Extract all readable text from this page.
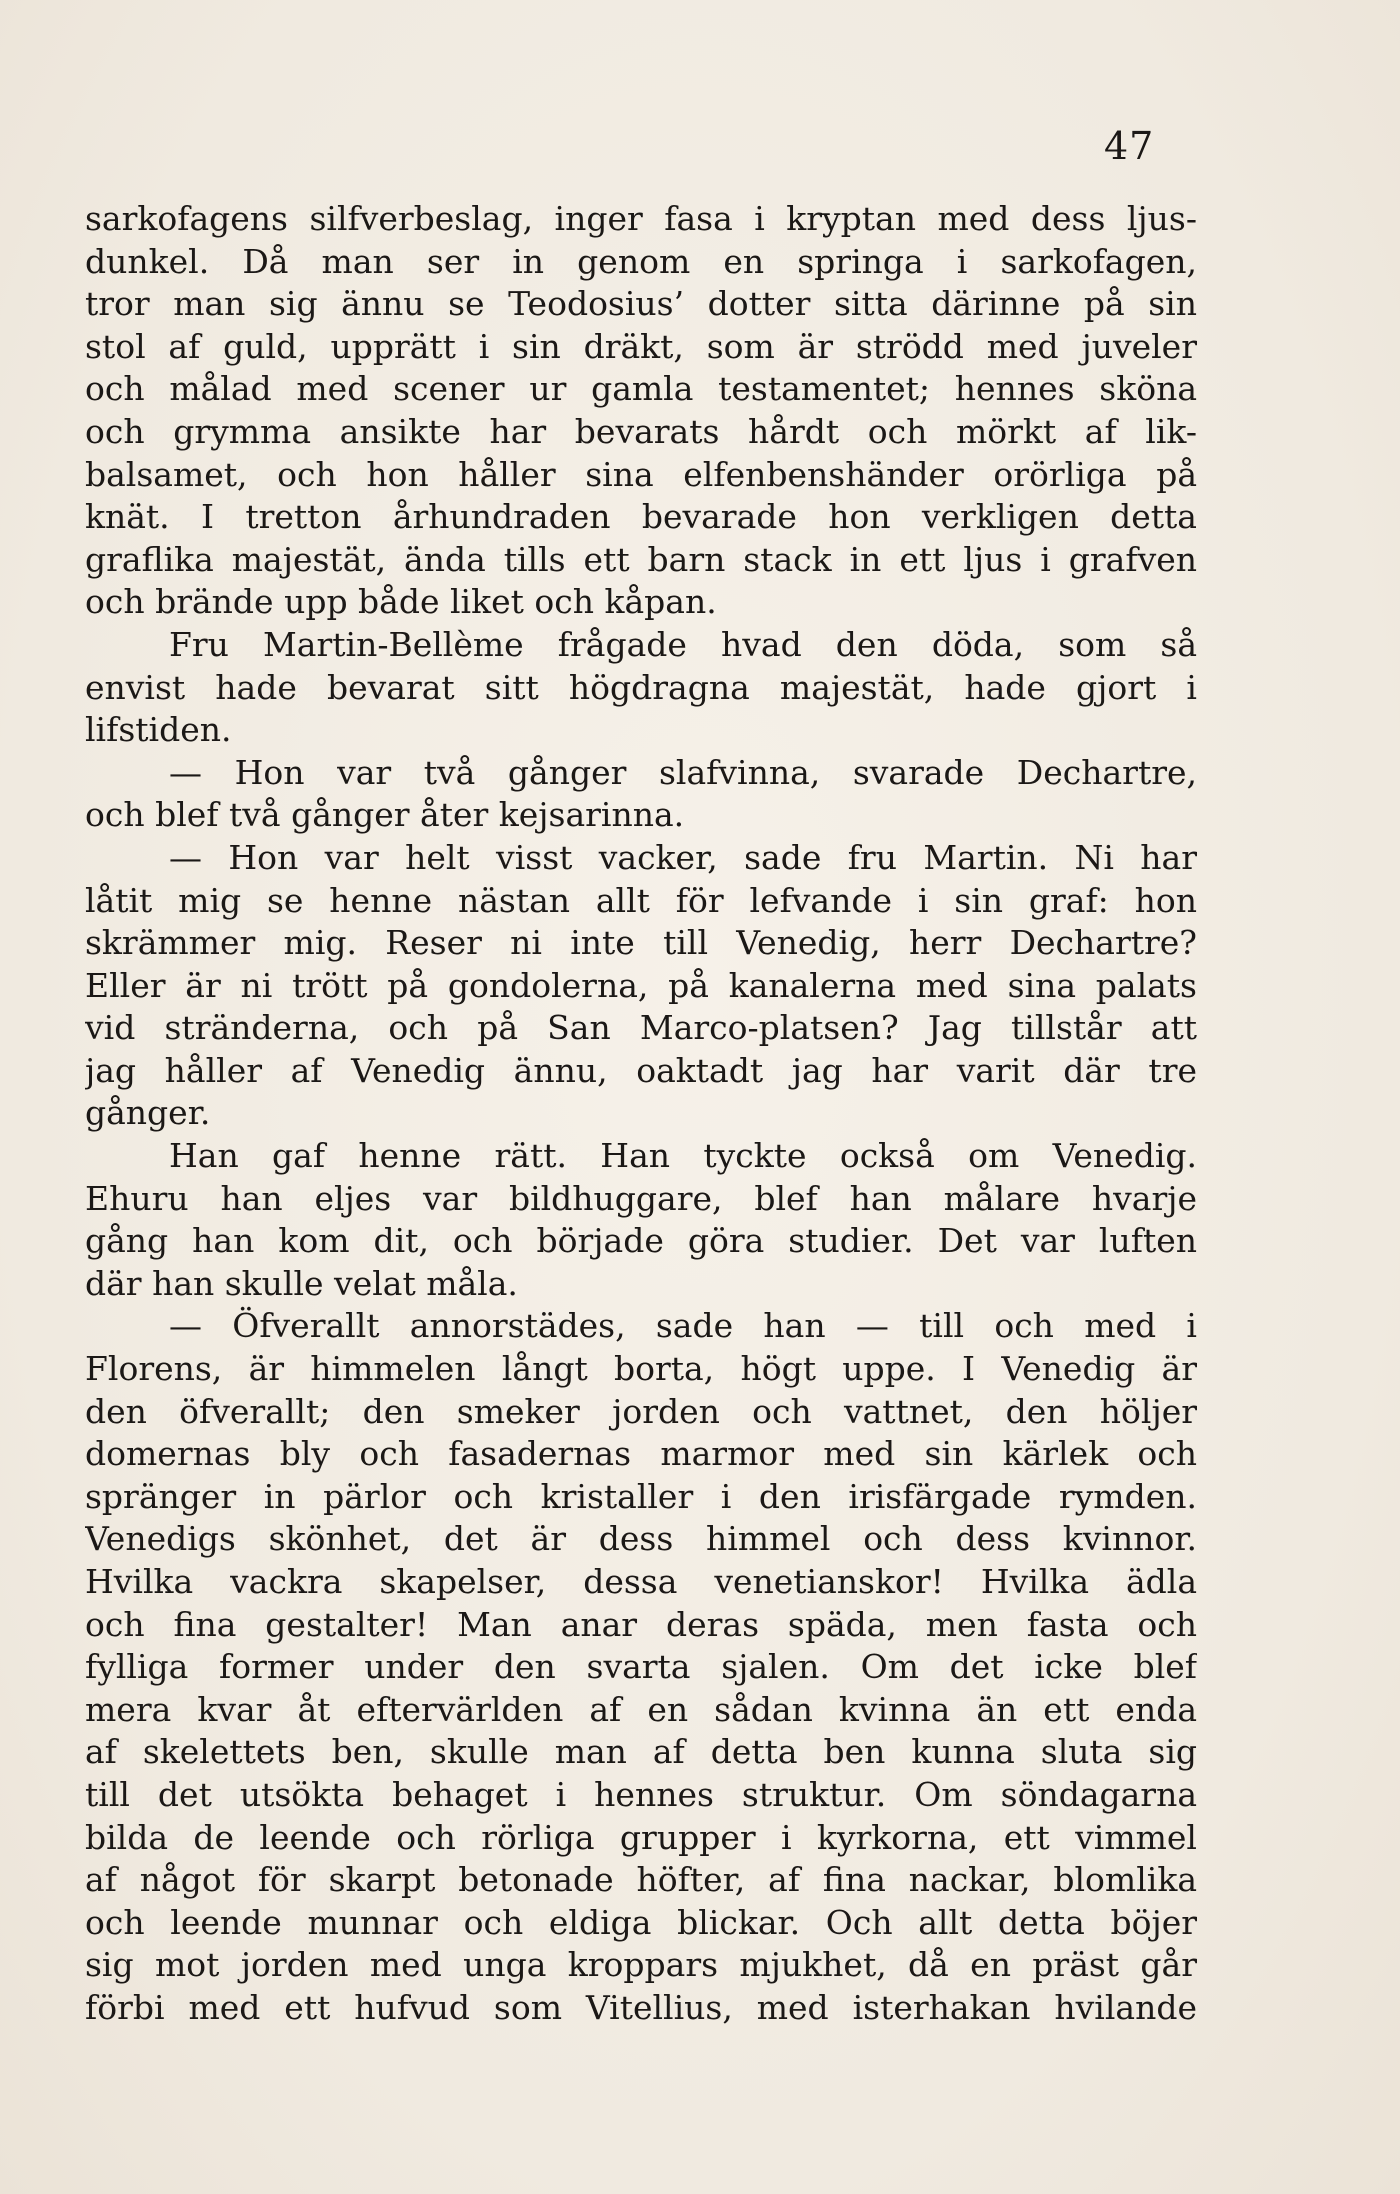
47
sarkofagens silfverbeslag, inger fasa i kryptan med dess ljus-
dunkel. Då man ser in genom en springa i sarkofagen,
tror man sig ännu se Teodosius’ dotter sitta därinne på sin
stol af guld, upprätt i sin dräkt, som är strödd med juveler
och målad med scener ur gamla testamentet; hennes sköna
och grymma ansikte har bevarats hårdt och mörkt af lik-
balsamet, och hon håller sina elfenbenshänder orörliga på
knät. I tretton århundraden bevarade hon verkligen detta
graflika majestät, ända tills ett barn stack in ett ljus i grafven
och brände upp både liket och kåpan.
Fru Martin-Bellème frågade hvad den döda, som så
envist hade bevarat sitt högdragna majestät, hade gjort i
lifstiden.
— Hon var två gånger slafvinna, svarade Dechartre,
och blef två gånger åter kejsarinna.
— Hon var helt visst vacker, sade fru Martin. Ni har
låtit mig se henne nästan allt för lefvande i sin graf: hon
skrämmer mig. Reser ni inte till Venedig, herr Dechartre?
Eller är ni trött på gondolerna, på kanalerna med sina palats
vid stränderna, och på San Marco-platsen? Jag tillstår att
jag håller af Venedig ännu, oaktadt jag har varit där tre
gånger.
Han gaf henne rätt. Han tyckte också om Venedig.
Ehuru han eljes var bildhuggare, blef han målare hvarje
gång han kom dit, och började göra studier. Det var luften
där han skulle velat måla.
— Öfverallt annorstädes, sade han — till och med i
Florens, är himmelen långt borta, högt uppe. I Venedig är
den öfverallt; den smeker jorden och vattnet, den höljer
domernas bly och fasadernas marmor med sin kärlek och
spränger in pärlor och kristaller i den irisfärgade rymden.
Venedigs skönhet, det är dess himmel och dess kvinnor.
Hvilka vackra skapelser, dessa venetianskor! Hvilka ädla
och fina gestalter! Man anar deras späda, men fasta och
fylliga former under den svarta sjalen. Om det icke blef
mera kvar åt eftervärlden af en sådan kvinna än ett enda
af skelettets ben, skulle man af detta ben kunna sluta sig
till det utsökta behaget i hennes struktur. Om söndagarna
bilda de leende och rörliga grupper i kyrkorna, ett vimmel
af något för skarpt betonade höfter, af fina nackar, blomlika
och leende munnar och eldiga blickar. Och allt detta böjer
sig mot jorden med unga kroppars mjukhet, då en präst går
förbi med ett hufvud som Vitellius, med isterhakan hvilande
